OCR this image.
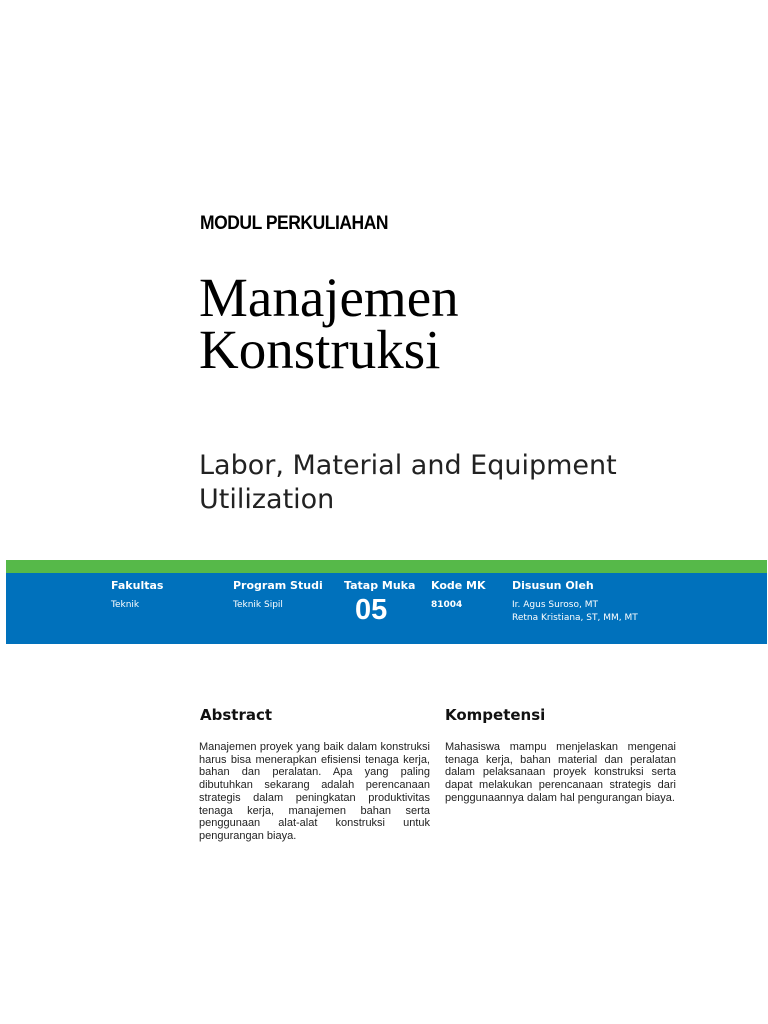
MODUL PERKULIAHAN
Manajemen
Konstruksi
Labor, Material and Equipment
Utilization
Fakultas
Teknik
Program Studi
Teknik Sipil
Tatap Muka
05
Kode MK
81004
Disusun Oleh
Ir. Agus Suroso, MT
Retna Kristiana, ST, MM, MT
Abstract

Manajemen proyek yang baik dalam konstruksi harus bisa menerapkan efisiensi tenaga kerja, bahan dan peralatan. Apa yang paling dibutuhkan sekarang adalah perencanaan strategis dalam peningkatan produktivitas tenaga kerja, manajemen bahan serta penggunaan alat-alat konstruksi untuk pengurangan biaya.

Kompetensi

Mahasiswa mampu menjelaskan mengenai tenaga kerja, bahan material dan peralatan dalam pelaksanaan proyek konstruksi serta dapat melakukan perencanaan strategis dari penggunaannya dalam hal pengurangan biaya.
